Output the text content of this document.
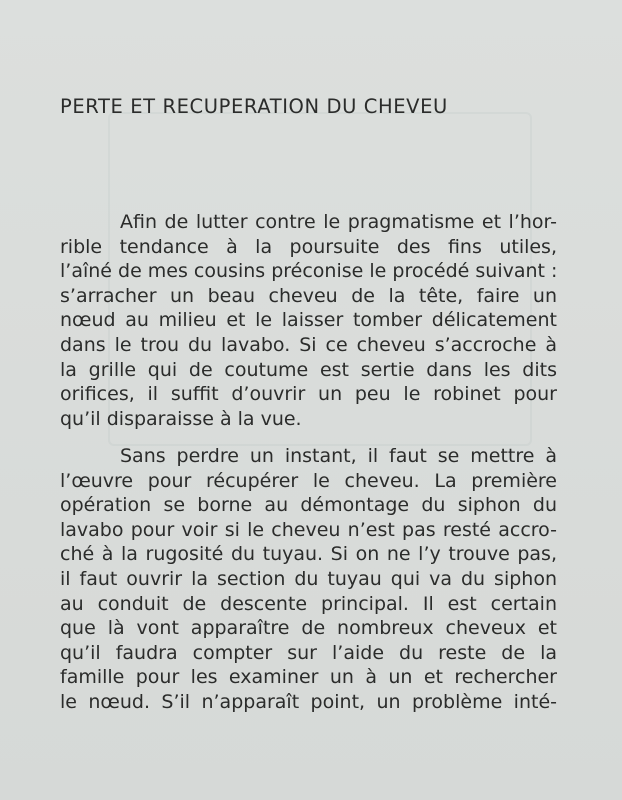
PERTE ET RECUPERATION DU CHEVEU
Afin de lutter contre le pragmatisme et l’hor-
rible tendance à la poursuite des fins utiles,
l’aîné de mes cousins préconise le procédé suivant :
s’arracher un beau cheveu de la tête, faire un
nœud au milieu et le laisser tomber délicatement
dans le trou du lavabo. Si ce cheveu s’accroche à
la grille qui de coutume est sertie dans les dits
orifices, il suffit d’ouvrir un peu le robinet pour
qu’il disparaisse à la vue.
Sans perdre un instant, il faut se mettre à
l’œuvre pour récupérer le cheveu. La première
opération se borne au démontage du siphon du
lavabo pour voir si le cheveu n’est pas resté accro-
ché à la rugosité du tuyau. Si on ne l’y trouve pas,
il faut ouvrir la section du tuyau qui va du siphon
au conduit de descente principal. Il est certain
que là vont apparaître de nombreux cheveux et
qu’il faudra compter sur l’aide du reste de la
famille pour les examiner un à un et rechercher
le nœud. S’il n’apparaît point, un problème inté-
